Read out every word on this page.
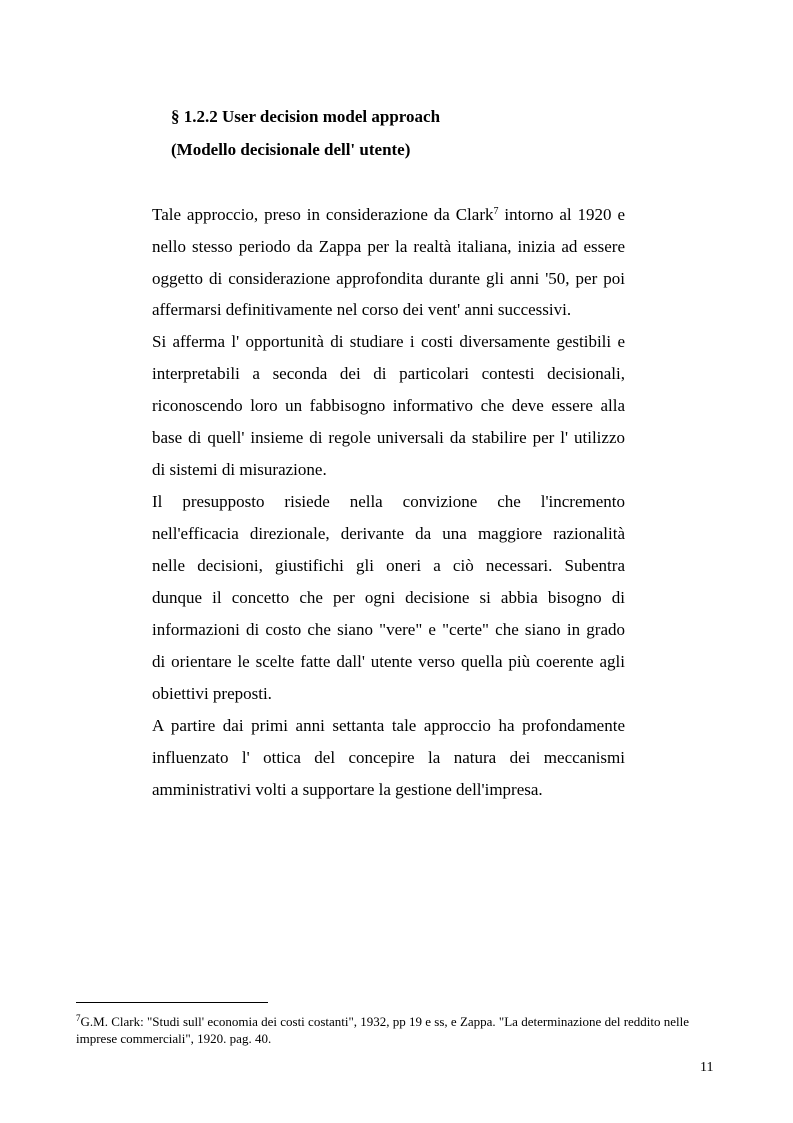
§ 1.2.2 User decision model approach
(Modello decisionale dell' utente)
Tale approccio, preso in considerazione da Clark$^7$ intorno al 1920 e
nello stesso periodo da Zappa per la realtà italiana, inizia ad essere
oggetto di considerazione approfondita durante gli anni '50, per poi
affermarsi definitivamente nel corso dei vent' anni successivi.
Si afferma l' opportunità di studiare i costi diversamente gestibili e
interpretabili a seconda dei di particolari contesti decisionali,
riconoscendo loro un fabbisogno informativo che deve essere alla
base di quell' insieme di regole universali da stabilire per l' utilizzo
di sistemi di misurazione.
Il presupposto risiede nella convizione che l'incremento
nell'efficacia direzionale, derivante da una maggiore razionalità
nelle decisioni, giustifichi gli oneri a ciò necessari. Subentra
dunque il concetto che per ogni decisione si abbia bisogno di
informazioni di costo che siano "vere" e "certe" che siano in grado
di orientare le scelte fatte dall' utente verso quella più coerente agli
obiettivi preposti.
A partire dai primi anni settanta tale approccio ha profondamente
influenzato l' ottica del concepire la natura dei meccanismi
amministrativi volti a supportare la gestione dell'impresa.
$^7$G.M. Clark: "Studi sull' economia dei costi costanti", 1932, pp 19 e ss, e Zappa. "La determinazione del reddito nelle
imprese commerciali", 1920. pag. 40.
11
